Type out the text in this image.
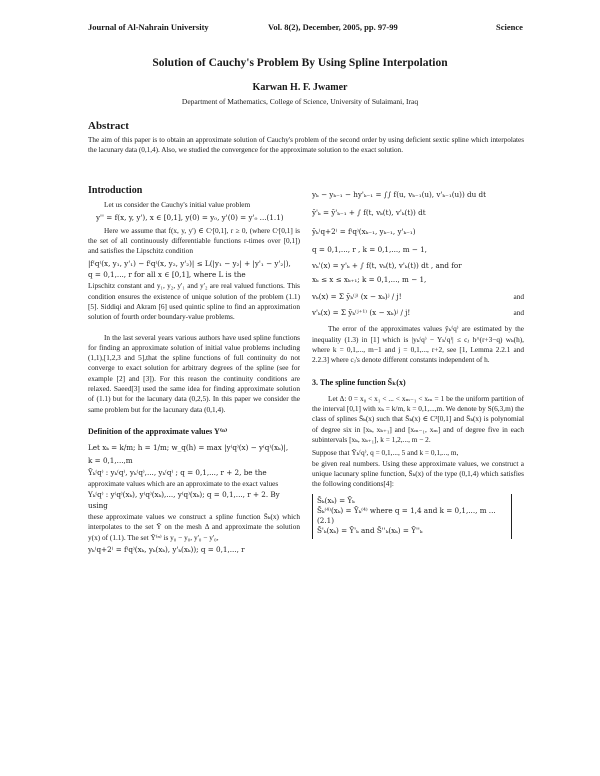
Journal of Al-Nahrain University	Vol. 8(2), December, 2005, pp. 97-99	Science
Solution of Cauchy's Problem By Using Spline Interpolation
Karwan H. F. Jwamer
Department of Mathematics, College of Science, University of Sulaimani, Iraq
Abstract
The aim of this paper is to obtain an approximate solution of Cauchy's problem of the second order by using deficient sextic spline which interpolates the lacunary data (0,1,4). Also, we studied the convergence for the approximate solution to the exact solution.
Introduction

Let us consider the Cauchy's initial value problem

y'' = f(x, y, y'), x ∈ [0,1], y(0) = y₀, y'(0) = y'₀ ...(1.1)

Here we assume that f(x, y, y') ∈ Cʳ[0,1], r ≥ 0, (where Cʳ[0,1] is the set of all continuously differentiable functions r-times over [0,1]) and satisfies the Lipschitz condition

|f⁽q⁾(x, y₁, y'₁) − f⁽q⁾(x, y₂, y'₂)| ≤ L(|y₁ − y₂| + |y'₁ − y'₂|),
q = 0,1,..., r for all x ∈ [0,1], where L is the

Lipschitz constant and y₁, y₂, y'₁ and y'₂ are real valued functions. This condition ensures the existence of unique solution of the problem (1.1) [5]. Siddiqi and Akram [6] used quintic spline to find an approximation solution of fourth order boundary-value problems.

In the last several years various authors have used spline functions for finding an approximate solution of initial value problems including (1,1),[1,2,3 and 5],that the spline functions of full continuity do not converge to exact solution for arbitrary degrees of the spline (see for example [2] and [3]). For this reason the continuity conditions are relaxed. Saeed[3] used the same idea for finding approximate solution of (1.1) but for the lacunary data (0,2,5). In this paper we consider the same problem but for the lacunary data (0,1,4).

Definition of the approximate values Y⁽ⁿ⁾
Let xₖ = k/m; h = 1/m; w_q(h) = max |y⁽q⁾(x) − y⁽q⁾(xₖ)|,
k = 0,1,...,m
Ȳₖ⁽q⁾ : yₖ⁽q⁾, yₖ⁽q⁾,..., yₖ⁽q⁾ ; q = 0,1,..., r + 2, be the

approximate values which are an approximate to the exact values

Yₖ⁽q⁾ : y⁽q⁾(xₖ), y⁽q⁾(xₖ),..., y⁽q⁾(xₖ); q = 0,1,..., r + 2. By using

these approximate values we construct a spline function S̄ₖ(x) which interpolates to the set Ȳ on the mesh Δ and approximate the solution y(x) of (1.1). The set Ȳ⁽ⁿ⁾ is y₀ − y₀, y'₀ − y'₀,

yₖ⁽q+2⁾ = f⁽q⁾(xₖ, yₖ(xₖ), y'ₖ(xₖ)); q = 0,1,..., r
yₖ − yₖ₋₁ − hy'ₖ₋₁ = ∫∫ f(u, vₖ₋₁(u), v'ₖ₋₁(u)) du dt
ȳ'ₖ = ȳ'ₖ₋₁ + ∫ f(t, vₖ(t), v'ₖ(t)) dt
ȳₖ⁽q+2⁾ = f⁽q⁾(xₖ₋₁, yₖ₋₁, y'ₖ₋₁)
q = 0,1,..., r , k = 0,1,..., m − 1,
vₖ'(x) = y'ₖ + ∫ f(t, vₖ(t), v'ₖ(t)) dt , and for
xₖ ≤ x ≤ xₖ₊₁; k = 0,1,..., m − 1,
vₖ(x) = Σ ȳₖ⁽ʲ⁾ (x − xₖ)ʲ / j!	and
v'ₖ(x) = Σ ȳₖ⁽ʲ⁺¹⁾ (x − xₖ)ʲ / j!	and

The error of the approximates values ȳₖ⁽q⁾ are estimated by the inequality (1.3) in [1] which is |yₖ⁽q⁾ − Yₖ⁽q⁾| ≤ cⱼ h^(r+3−q) wₖ(h), where k = 0,1,..., m−1 and j = 0,1,..., r+2, see [1, Lemma 2.2.1 and 2.2.3] where cⱼ's denote different constants independent of h.

3. The spline function S̄ₖ(x)

Let Δ: 0 = x₀ < x₁ < ... < xₘ₋₁ < xₘ = 1 be the uniform partition of the interval [0,1] with xₖ = k/m, k = 0,1,...,m. We denote by S(6,3,m) the class of splines S̄ₖ(x) such that S̄ₖ(x) ∈ C³[0,1] and S̄ₖ(x) is polynomial of degree six in [xₖ, xₖ₊₁] and [xₘ₋₁, xₘ] and of degree five in each subintervals [xₖ, xₖ₊₁], k = 1,2,..., m − 2.

Suppose that Ȳₖ⁽q⁾, q = 0,1,..., 5 and k = 0,1,..., m,

be given real numbers. Using these approximate values, we construct a unique lacunary spline function, S̄ₖ(x) of the type (0,1,4) which satisfies the following conditions[4]:

S̄ₖ(xₖ) = Ȳₖ
S̄ₖ⁽⁴⁾(xₖ) = Ȳₖ⁽⁴⁾ where q = 1,4 and k = 0,1,..., m ... (2.1)
S̄'ₖ(xₖ) = Ȳ'ₖ and S̄''ₖ(xₖ) = Ȳ''ₖ
